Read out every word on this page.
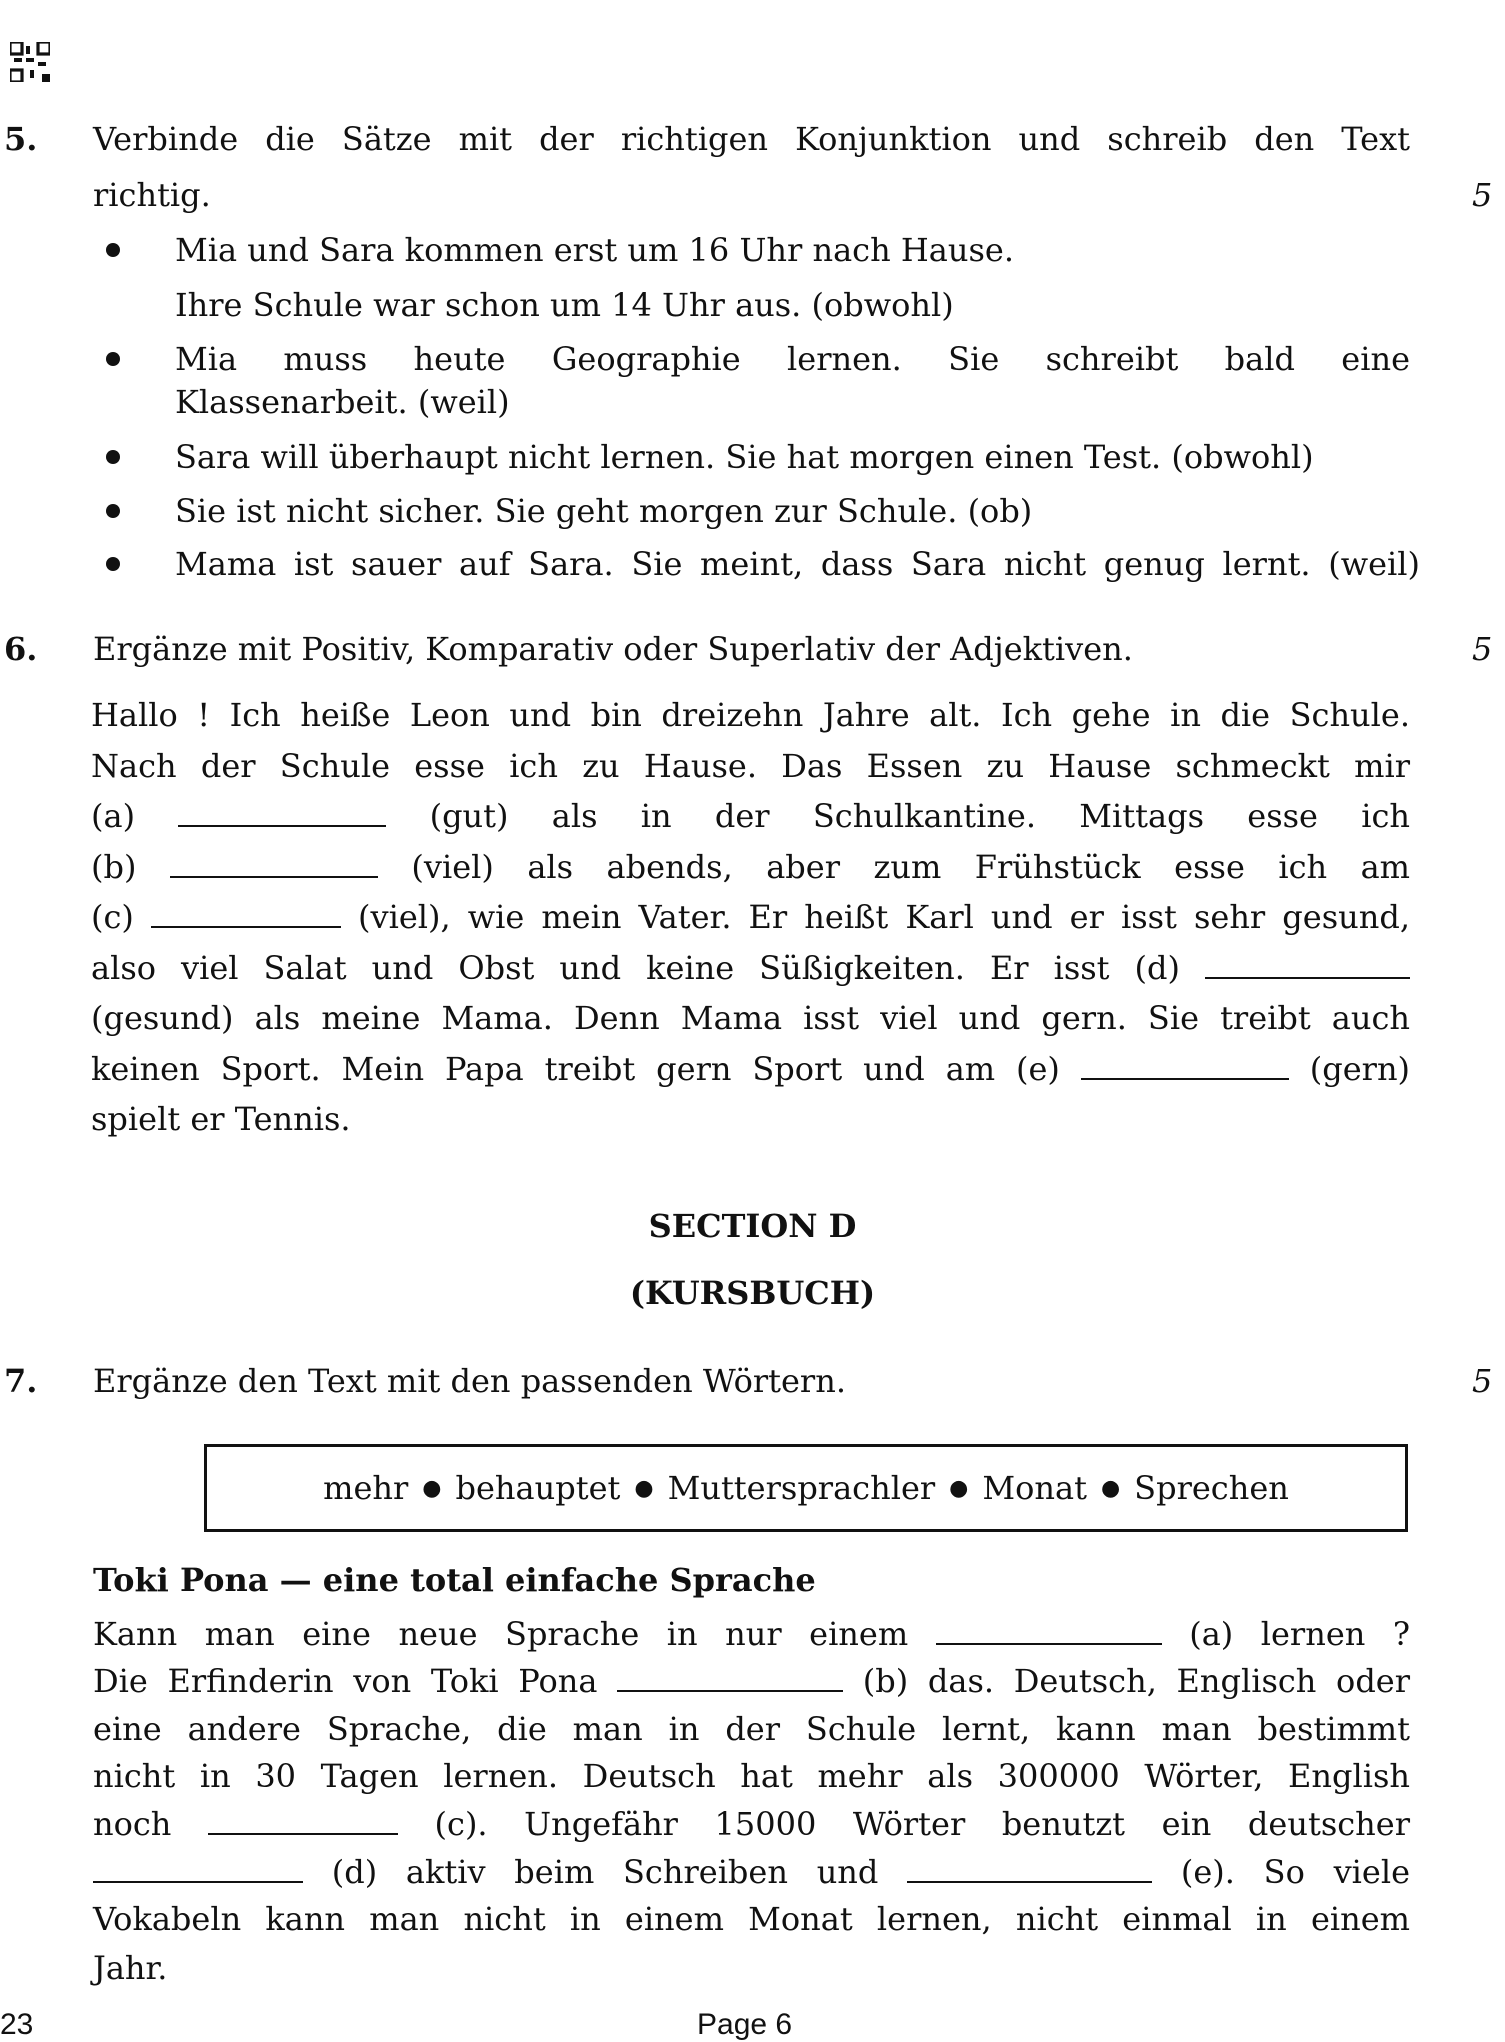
5. Verbinde die Sätze mit der richtigen Konjunktion und schreib den Text
richtig.	5
Mia und Sara kommen erst um 16 Uhr nach Hause.
Ihre Schule war schon um 14 Uhr aus. (obwohl)
Mia muss heute Geographie lernen. Sie schreibt bald eine
Klassenarbeit. (weil)
Sara will überhaupt nicht lernen. Sie hat morgen einen Test. (obwohl)
Sie ist nicht sicher. Sie geht morgen zur Schule. (ob)
Mama ist sauer auf Sara. Sie meint, dass Sara nicht genug lernt. (weil)
6. Ergänze mit Positiv, Komparativ oder Superlativ der Adjektiven.	5
Hallo ! Ich heiße Leon und bin dreizehn Jahre alt. Ich gehe in die Schule.
Nach der Schule esse ich zu Hause. Das Essen zu Hause schmeckt mir
(a)	(gut) als in der Schulkantine. Mittags esse ich
(b)	(viel) als abends, aber zum Frühstück esse ich am
(c)	(viel), wie mein Vater. Er heißt Karl und er isst sehr gesund,
also viel Salat und Obst und keine Süßigkeiten. Er isst (d)
(gesund) als meine Mama. Denn Mama isst viel und gern. Sie treibt auch
keinen Sport. Mein Papa treibt gern Sport und am (e)	(gern)
spielt er Tennis.
SECTION D
(KURSBUCH)
7. Ergänze den Text mit den passenden Wörtern.	5
mehr ● behauptet ● Muttersprachler ● Monat ● Sprechen
Toki Pona — eine total einfache Sprache
Kann man eine neue Sprache in nur einem	(a) lernen ?
Die Erfinderin von Toki Pona	(b) das. Deutsch, Englisch oder
eine andere Sprache, die man in der Schule lernt, kann man bestimmt
nicht in 30 Tagen lernen. Deutsch hat mehr als 300000 Wörter, English
noch	(c). Ungefähr 15000 Wörter benutzt ein deutscher
(d) aktiv beim Schreiben und	(e). So viele
Vokabeln kann man nicht in einem Monat lernen, nicht einmal in einem
Jahr.
23	Page 6
